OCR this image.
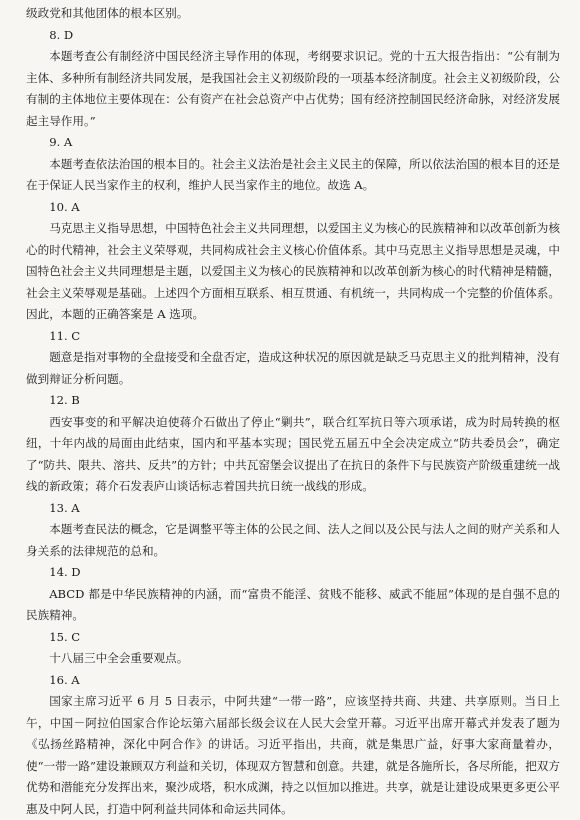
级政党和其他团体的根本区别。

8. D

本题考查公有制经济中国民经济主导作用的体现，考纲要求识记。党的十五大报告指出：“公有制为主体、多种所有制经济共同发展，是我国社会主义初级阶段的一项基本经济制度。社会主义初级阶段，公有制的主体地位主要体现在：公有资产在社会总资产中占优势；国有经济控制国民经济命脉，对经济发展起主导作用。”

9. A

本题考查依法治国的根本目的。社会主义法治是社会主义民主的保障，所以依法治国的根本目的还是在于保证人民当家作主的权利，维护人民当家作主的地位。故选 A。

10. A

马克思主义指导思想，中国特色社会主义共同理想，以爱国主义为核心的民族精神和以改革创新为核心的时代精神，社会主义荣辱观，共同构成社会主义核心价值体系。其中马克思主义指导思想是灵魂，中国特色社会主义共同理想是主题，以爱国主义为核心的民族精神和以改革创新为核心的时代精神是精髓，社会主义荣辱观是基础。上述四个方面相互联系、相互贯通、有机统一，共同构成一个完整的价值体系。因此，本题的正确答案是 A 选项。

11. C

题意是指对事物的全盘接受和全盘否定，造成这种状况的原因就是缺乏马克思主义的批判精神，没有做到辩证分析问题。

12. B

西安事变的和平解决迫使蒋介石做出了停止“剿共”，联合红军抗日等六项承诺，成为时局转换的枢纽，十年内战的局面由此结束，国内和平基本实现；国民党五届五中全会决定成立“防共委员会”，确定了“防共、限共、溶共、反共”的方针；中共瓦窑堡会议提出了在抗日的条件下与民族资产阶级重建统一战线的新政策；蒋介石发表庐山谈话标志着国共抗日统一战线的形成。

13. A

本题考查民法的概念，它是调整平等主体的公民之间、法人之间以及公民与法人之间的财产关系和人身关系的法律规范的总和。

14. D

ABCD 都是中华民族精神的内涵，而“富贵不能淫、贫贱不能移、威武不能屈”体现的是自强不息的民族精神。

15. C

十八届三中全会重要观点。

16. A

国家主席习近平 6 月 5 日表示，中阿共建“一带一路”，应该坚持共商、共建、共享原则。当日上午，中国－阿拉伯国家合作论坛第六届部长级会议在人民大会堂开幕。习近平出席开幕式并发表了题为《弘扬丝路精神，深化中阿合作》的讲话。习近平指出，共商，就是集思广益，好事大家商量着办，使“一带一路”建设兼顾双方利益和关切，体现双方智慧和创意。共建，就是各施所长，各尽所能，把双方优势和潜能充分发挥出来，聚沙成塔，积水成渊，持之以恒加以推进。共享，就是让建设成果更多更公平惠及中阿人民，打造中阿利益共同体和命运共同体。
